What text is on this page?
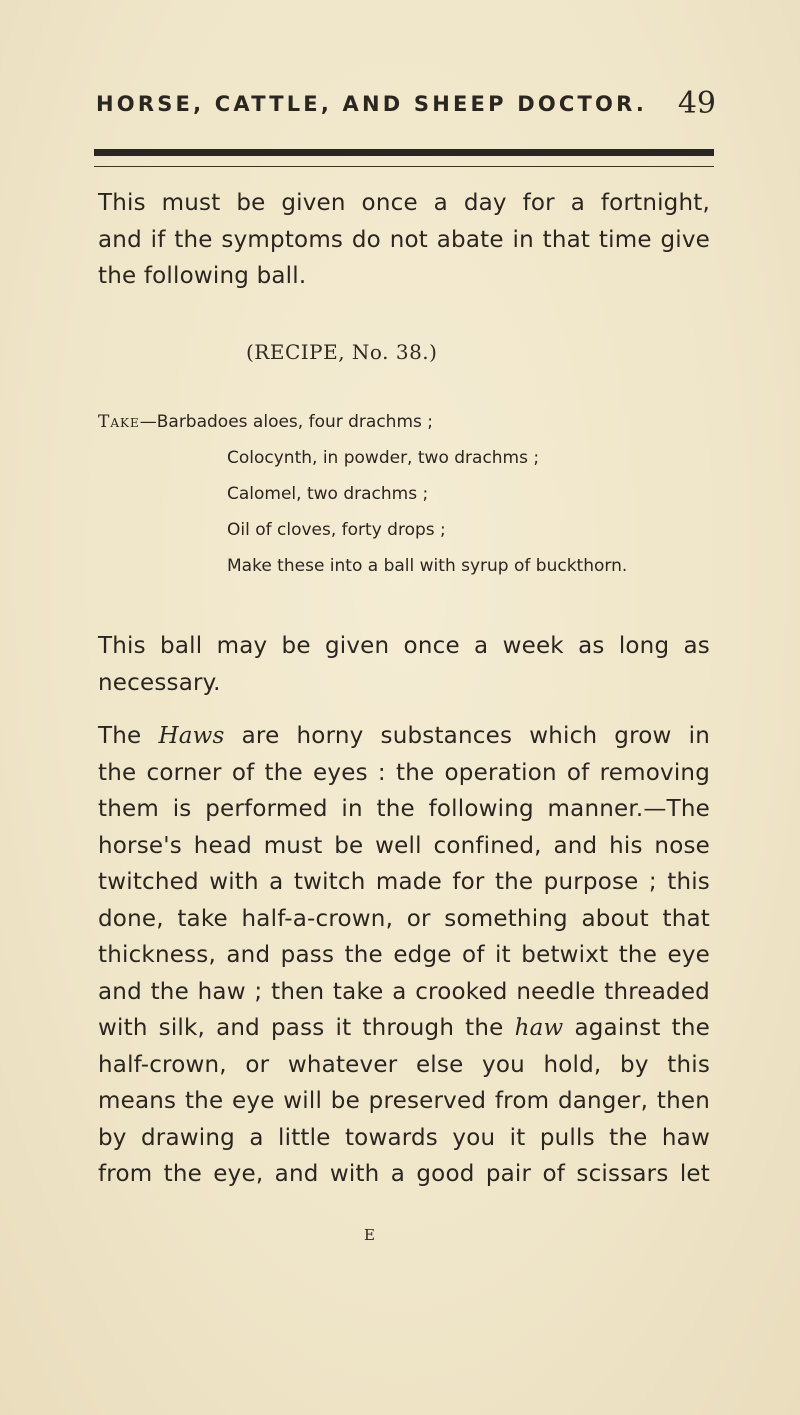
HORSE, CATTLE, AND SHEEP DOCTOR. 49
This must be given once a day for a fortnight,
and if the symptoms do not abate in that time give
the following ball.
(RECIPE, No. 38.)
Take—Barbadoes aloes, four drachms ;
Colocynth, in powder, two drachms ;
Calomel, two drachms ;
Oil of cloves, forty drops ;
Make these into a ball with syrup of buckthorn.
This ball may be given once a week as long as
necessary.
The Haws are horny substances which grow in
the corner of the eyes : the operation of removing
them is performed in the following manner.—The
horse's head must be well confined, and his nose
twitched with a twitch made for the purpose ; this
done, take half-a-crown, or something about that
thickness, and pass the edge of it betwixt the eye
and the haw ; then take a crooked needle threaded
with silk, and pass it through the haw against the
half-crown, or whatever else you hold, by this
means the eye will be preserved from danger, then
by drawing a little towards you it pulls the haw
from the eye, and with a good pair of scissars let
E
